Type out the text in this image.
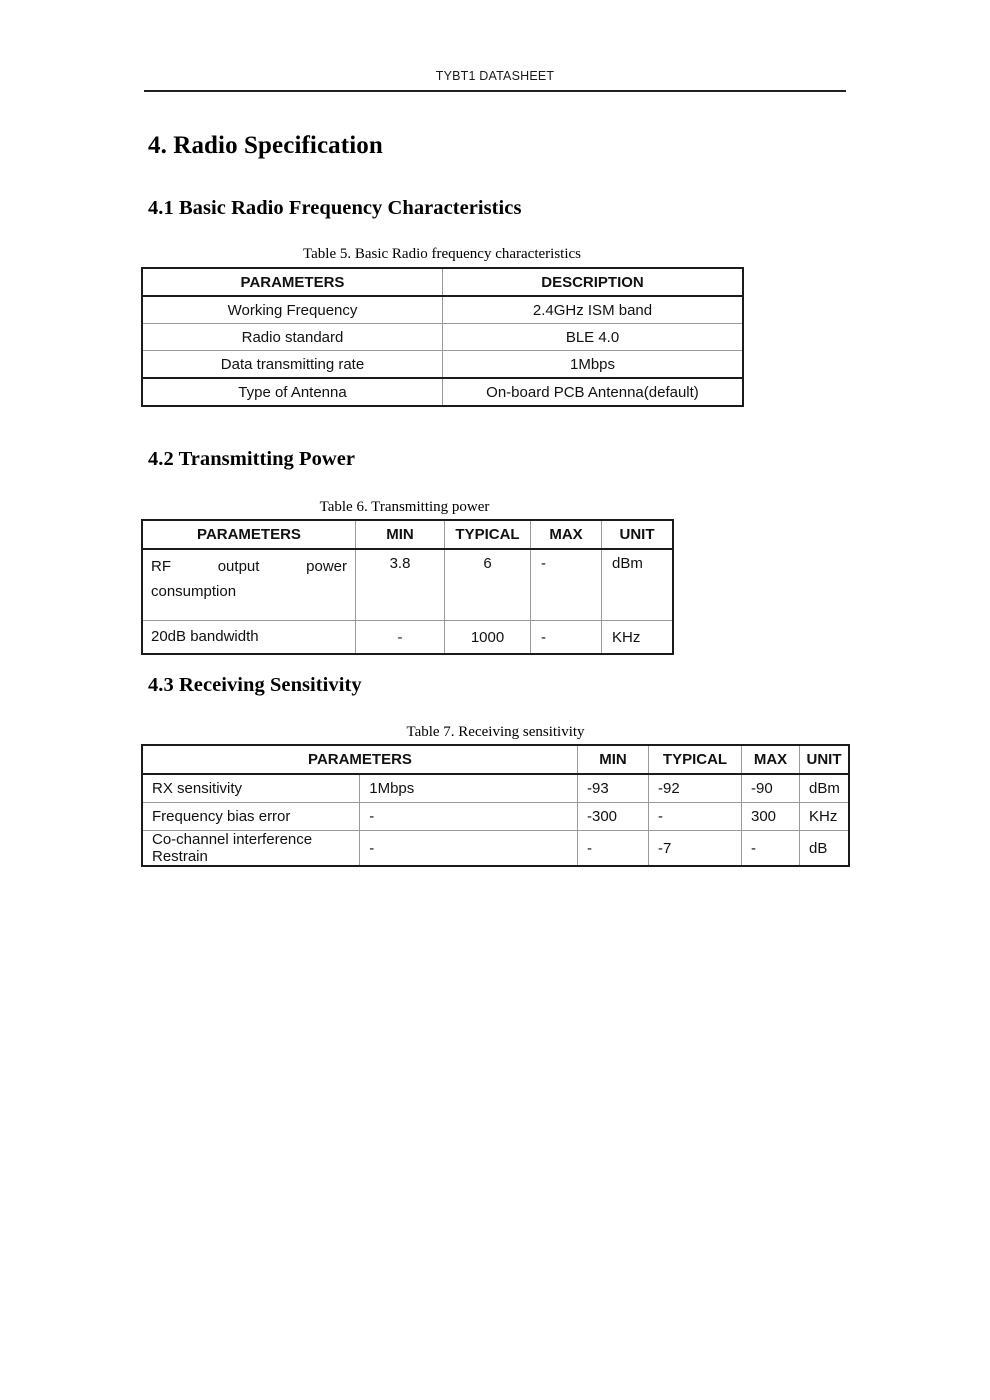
TYBT1 DATASHEET
4. Radio Specification
4.1 Basic Radio Frequency Characteristics
Table 5. Basic Radio frequency characteristics
PARAMETERS	DESCRIPTION
Working Frequency	2.4GHz ISM band
Radio standard	BLE 4.0
Data transmitting rate	1Mbps
Type of Antenna	On-board PCB Antenna(default)
4.2 Transmitting Power
Table 6. Transmitting power
PARAMETERS	MIN	TYPICAL	MAX	UNIT
RF output power consumption	3.8	6	-	dBm
20dB bandwidth	-	1000	-	KHz
4.3 Receiving Sensitivity
Table 7. Receiving sensitivity
PARAMETERS		MIN	TYPICAL	MAX	UNIT
RX sensitivity	1Mbps	-93	-92	-90	dBm
Frequency bias error	-	-300	-	300	KHz
Co-channel interference Restrain	-	-	-7	-	dB
